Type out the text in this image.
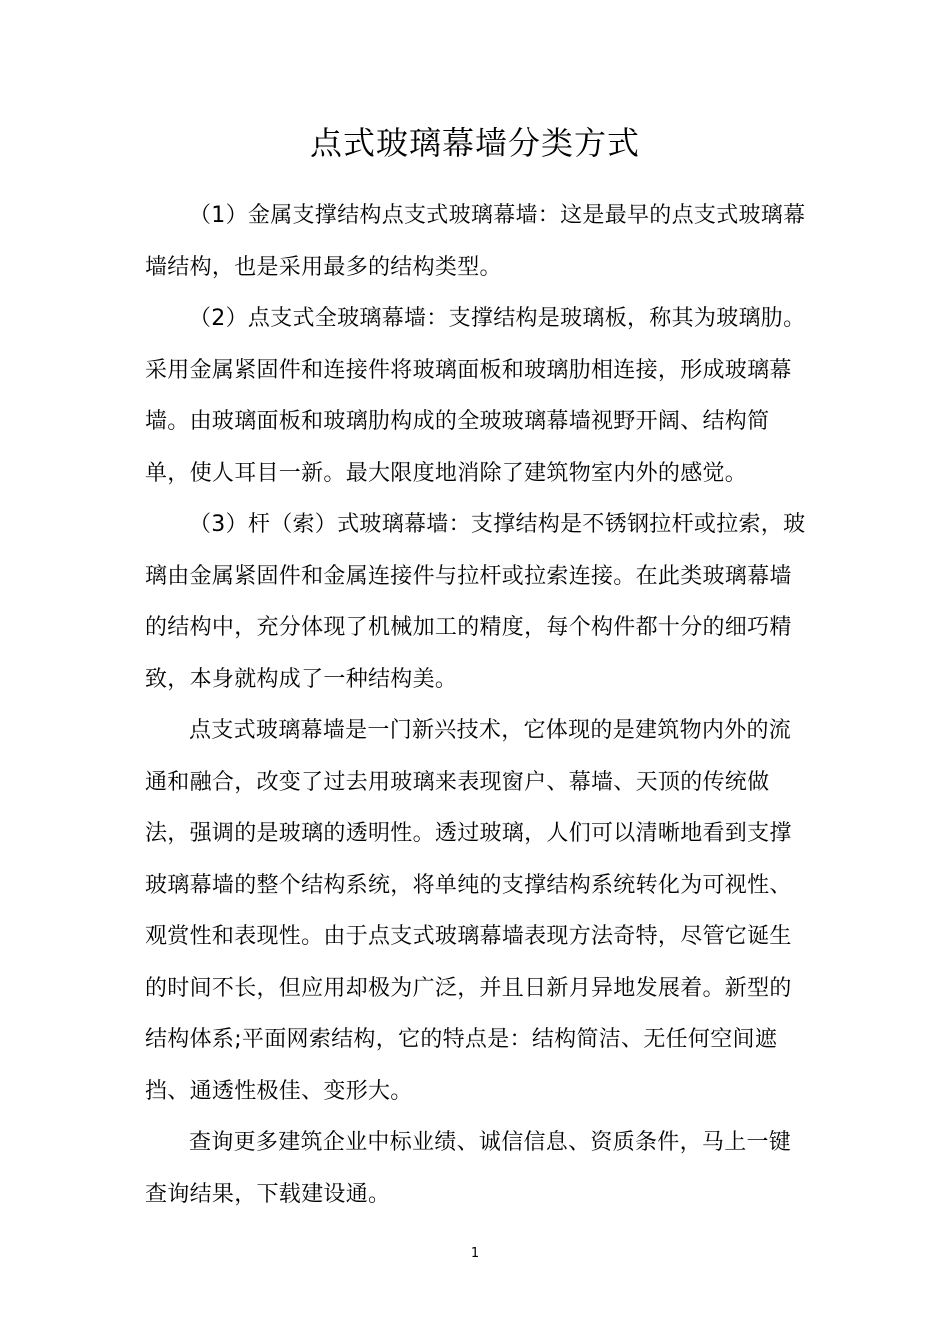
点式玻璃幕墙分类方式
（1）金属支撑结构点支式玻璃幕墙：这是最早的点支式玻璃幕
墙结构，也是采用最多的结构类型。
（2）点支式全玻璃幕墙：支撑结构是玻璃板，称其为玻璃肋。
采用金属紧固件和连接件将玻璃面板和玻璃肋相连接，形成玻璃幕
墙。由玻璃面板和玻璃肋构成的全玻玻璃幕墙视野开阔、结构简
单，使人耳目一新。最大限度地消除了建筑物室内外的感觉。
（3）杆（索）式玻璃幕墙：支撑结构是不锈钢拉杆或拉索，玻
璃由金属紧固件和金属连接件与拉杆或拉索连接。在此类玻璃幕墙
的结构中，充分体现了机械加工的精度，每个构件都十分的细巧精
致，本身就构成了一种结构美。
点支式玻璃幕墙是一门新兴技术，它体现的是建筑物内外的流
通和融合，改变了过去用玻璃来表现窗户、幕墙、天顶的传统做
法，强调的是玻璃的透明性。透过玻璃，人们可以清晰地看到支撑
玻璃幕墙的整个结构系统，将单纯的支撑结构系统转化为可视性、
观赏性和表现性。由于点支式玻璃幕墙表现方法奇特，尽管它诞生
的时间不长，但应用却极为广泛，并且日新月异地发展着。新型的
结构体系;平面网索结构，它的特点是：结构简洁、无任何空间遮
挡、通透性极佳、变形大。
查询更多建筑企业中标业绩、诚信信息、资质条件，马上一键
查询结果，下载建设通。
1
